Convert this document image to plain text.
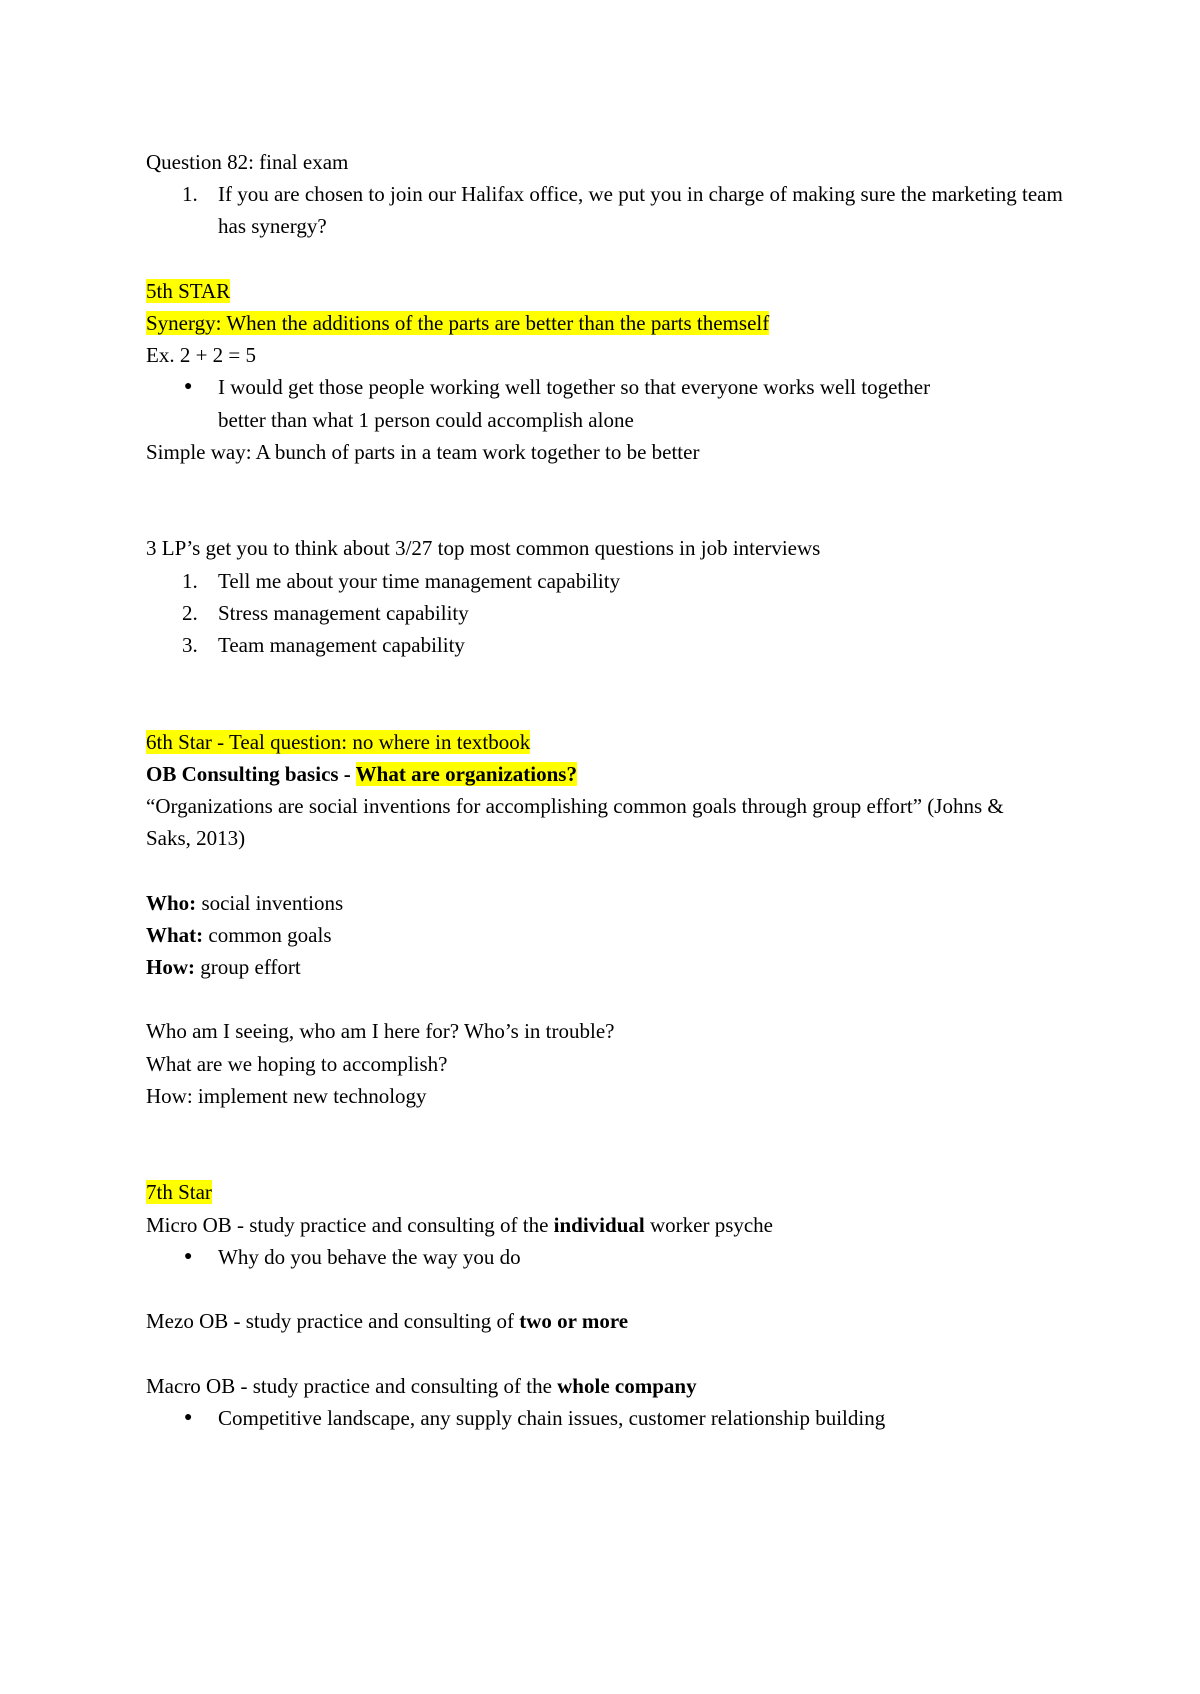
Question 82: final exam

1. If you are chosen to join our Halifax office, we put you in charge of making sure the marketing team has synergy?

5th STAR

Synergy: When the additions of the parts are better than the parts themself

Ex. 2 + 2 = 5

● I would get those people working well together so that everyone works well together better than what 1 person could accomplish alone

Simple way: A bunch of parts in a team work together to be better

3 LP’s get you to think about 3/27 top most common questions in job interviews

1. Tell me about your time management capability
2. Stress management capability
3. Team management capability

6th Star - Teal question: no where in textbook

OB Consulting basics - What are organizations?

“Organizations are social inventions for accomplishing common goals through group effort” (Johns & Saks, 2013)

Who: social inventions

What: common goals

How: group effort

Who am I seeing, who am I here for? Who’s in trouble?

What are we hoping to accomplish?

How: implement new technology

7th Star

Micro OB - study practice and consulting of the individual worker psyche

● Why do you behave the way you do

Mezo OB - study practice and consulting of two or more

Macro OB - study practice and consulting of the whole company

● Competitive landscape, any supply chain issues, customer relationship building
